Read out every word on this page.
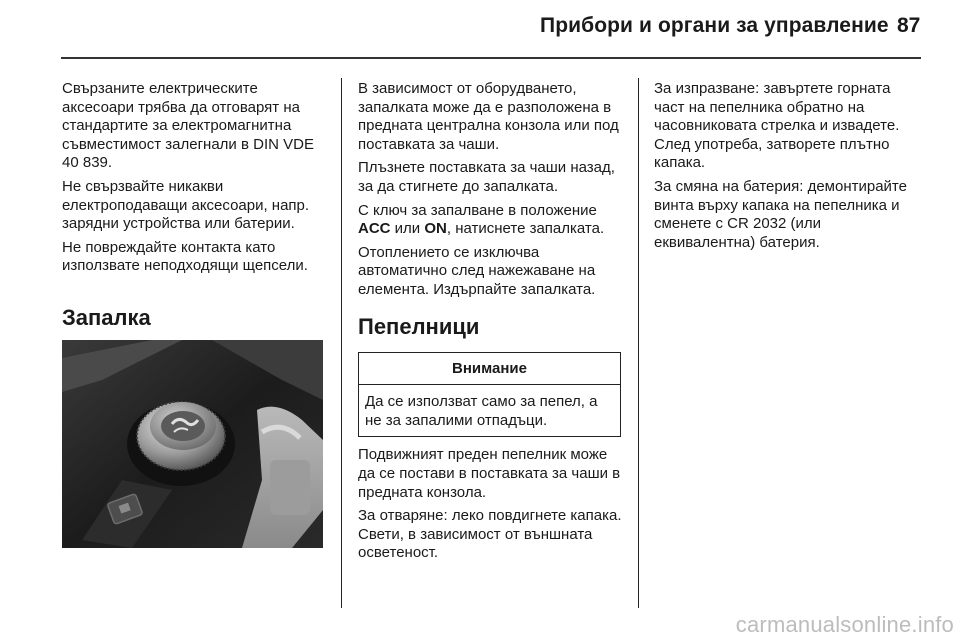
Прибори и органи за управление 87

Свързаните електрическите аксесоари трябва да отговарят на стандартите за електромагнитна съвместимост залегнали в DIN VDE 40 839.

Не свързвайте никакви електроподаващи аксесоари, напр. зарядни устройства или батерии.

Не повреждайте контакта като използвате неподходящи щепсели.

Запалка

В зависимост от оборудването, запалката може да е разположена в предната централна конзола или под поставката за чаши.

Плъзнете поставката за чаши назад, за да стигнете до запалката.

С ключ за запалване в положение ACC или ON, натиснете запалката.

Отоплението се изключва автоматично след нажежаване на елемента. Издърпайте запалката.

Пепелници
Внимание
Да се използват само за пепел, а не за запалими отпадъци.

Подвижният преден пепелник може да се постави в поставката за чаши в предната конзола.

За отваряне: леко повдигнете капака. Свети, в зависимост от външната осветеност.

За изпразване: завъртете горната част на пепелника обратно на часовниковата стрелка и извадете. След употреба, затворете плътно капака.

За смяна на батерия: демонтирайте винта върху капака на пепелника и сменете с CR 2032 (или еквивалентна) батерия.

carmanualsonline.info
